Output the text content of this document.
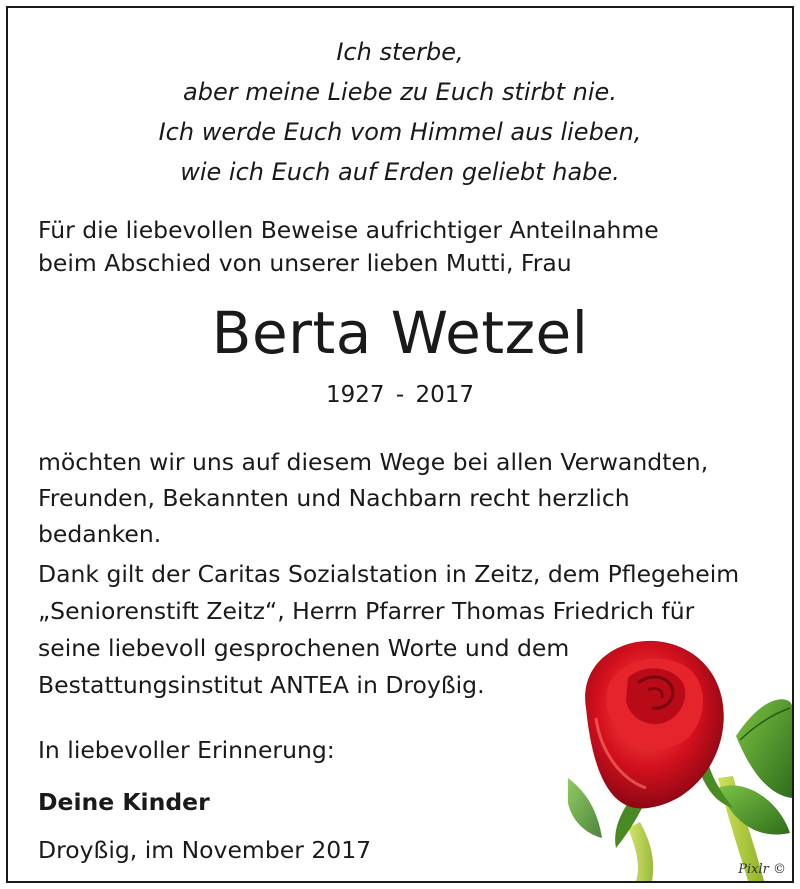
Ich sterbe,
aber meine Liebe zu Euch stirbt nie.
Ich werde Euch vom Himmel aus lieben,
wie ich Euch auf Erden geliebt habe.
Für die liebevollen Beweise aufrichtiger Anteilnahme
beim Abschied von unserer lieben Mutti, Frau
Berta Wetzel
1927 - 2017
möchten wir uns auf diesem Wege bei allen Verwandten,
Freunden, Bekannten und Nachbarn recht herzlich
bedanken.
Dank gilt der Caritas Sozialstation in Zeitz, dem Pflegeheim
„Seniorenstift Zeitz“, Herrn Pfarrer Thomas Friedrich für
seine liebevoll gesprochenen Worte und dem
Bestattungsinstitut ANTEA in Droyßig.
In liebevoller Erinnerung:
Deine Kinder
Droyßig, im November 2017
Pixlr ©
